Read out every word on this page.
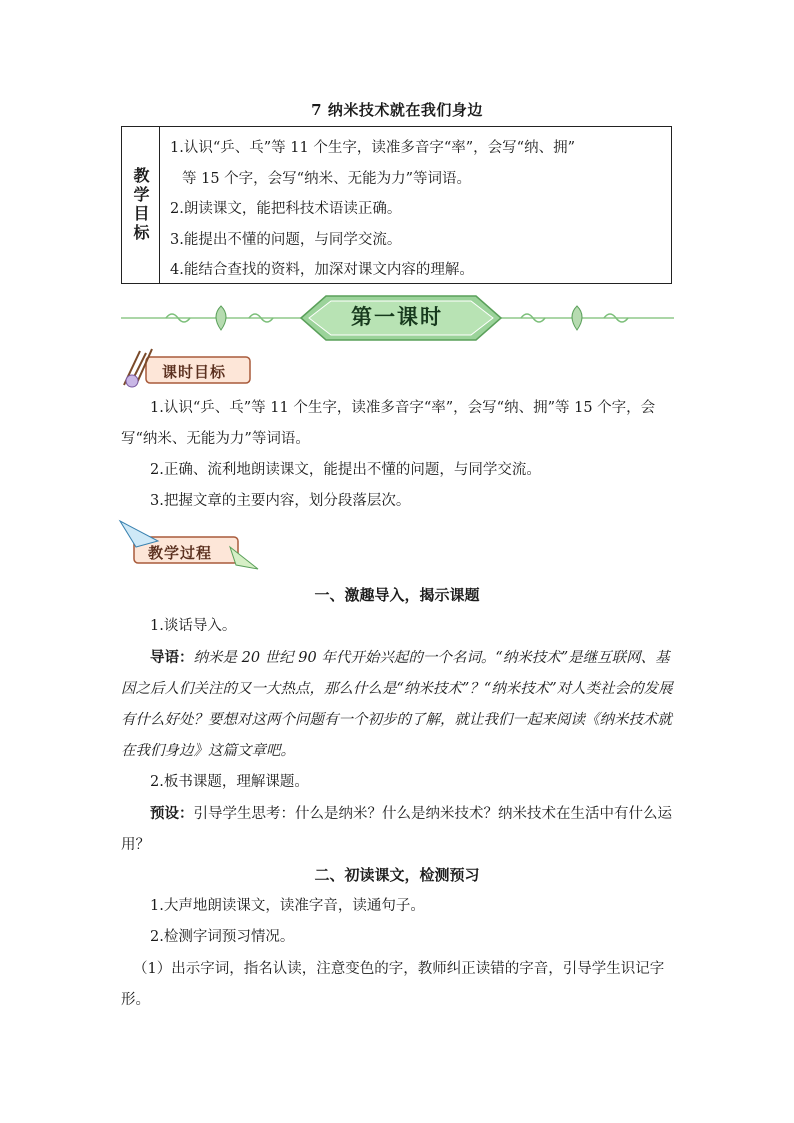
7 纳米技术就在我们身边
教学目标
1.认识“乒、乓”等 11 个生字，读准多音字“率”，会写“纳、拥”
等 15 个字，会写“纳米、无能为力”等词语。
2.朗读课文，能把科技术语读正确。
3.能提出不懂的问题，与同学交流。
4.能结合查找的资料，加深对课文内容的理解。
第一课时
课时目标
1.认识“乒、乓”等 11 个生字，读准多音字“率”，会写“纳、拥”等 15 个字，会写“纳米、无能为力”等词语。
2.正确、流利地朗读课文，能提出不懂的问题，与同学交流。
3.把握文章的主要内容，划分段落层次。
教学过程
一、激趣导入，揭示课题
1.谈话导入。
导语：纳米是 20 世纪 90 年代开始兴起的一个名词。“纳米技术”是继互联网、基因之后人们关注的又一大热点，那么什么是“纳米技术”？“纳米技术”对人类社会的发展有什么好处？要想对这两个问题有一个初步的了解，就让我们一起来阅读《纳米技术就在我们身边》这篇文章吧。
2.板书课题，理解课题。
预设：引导学生思考：什么是纳米？什么是纳米技术？纳米技术在生活中有什么运用？
二、初读课文，检测预习
1.大声地朗读课文，读准字音，读通句子。
2.检测字词预习情况。
（1）出示字词，指名认读，注意变色的字，教师纠正读错的字音，引导学生识记字形。
